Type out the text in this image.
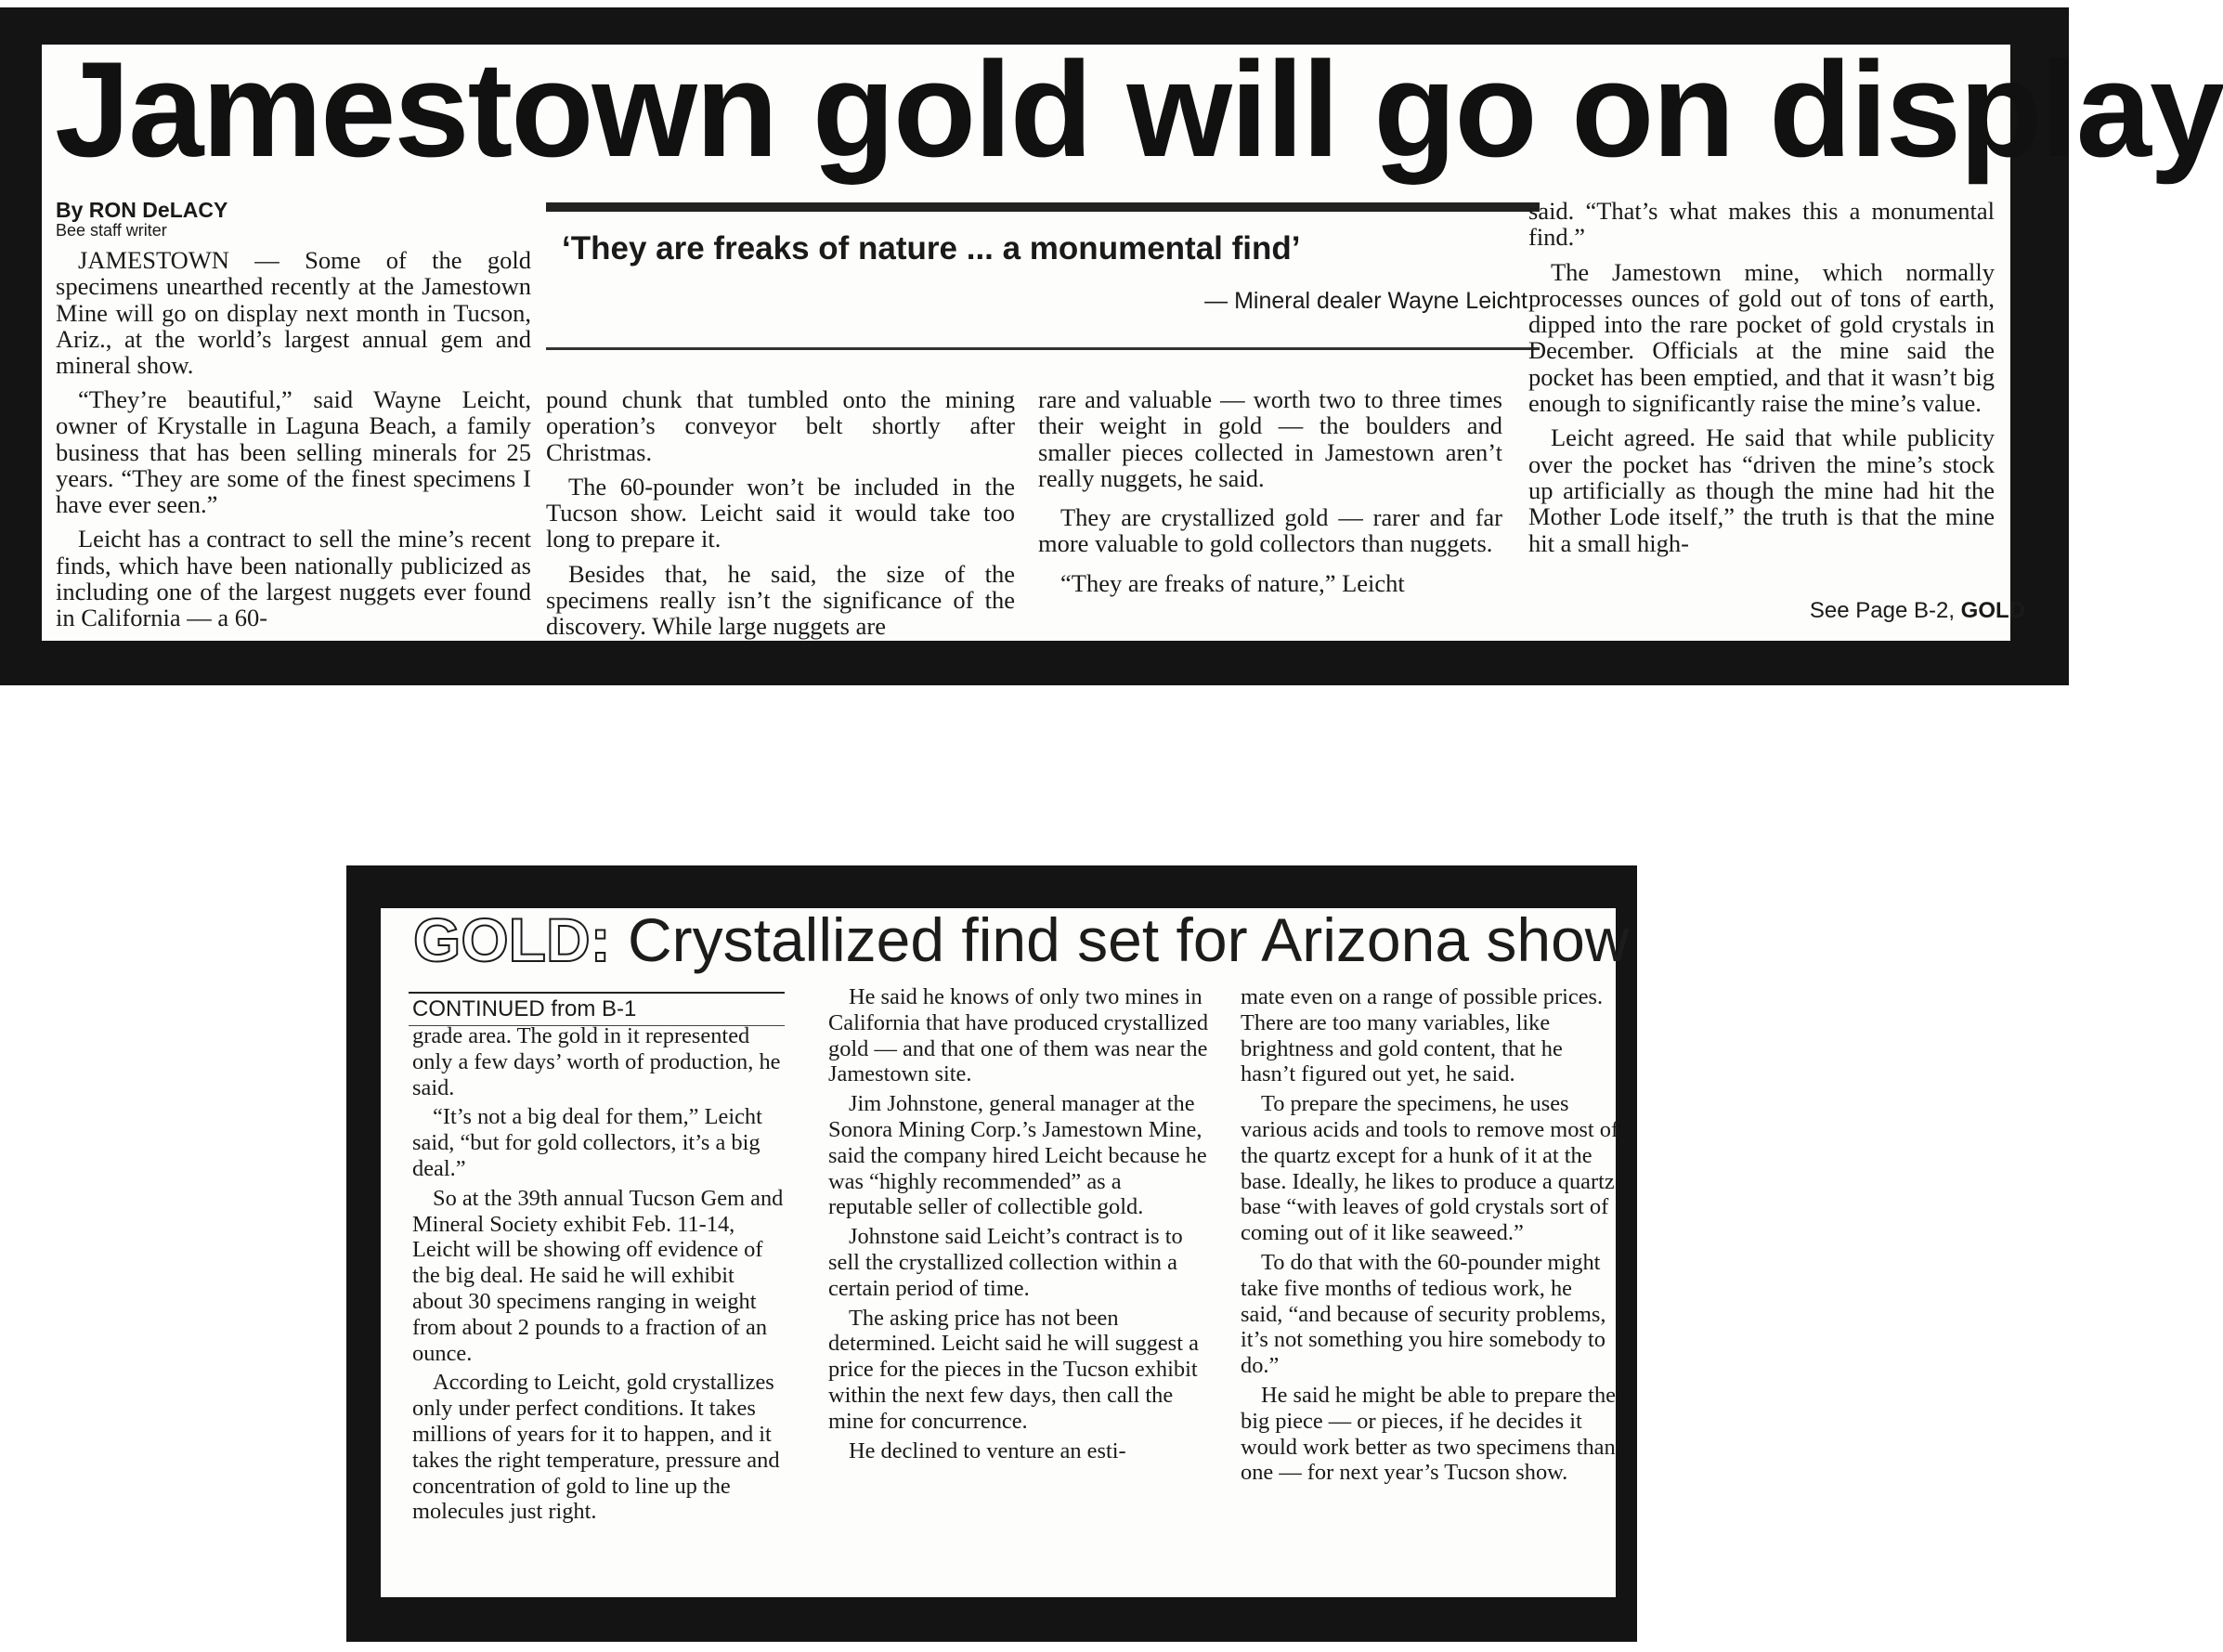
Jamestown gold will go on display
By RON DeLACY
Bee staff writer

JAMESTOWN — Some of the gold specimens unearthed recently at the Jamestown Mine will go on display next month in Tucson, Ariz., at the world’s largest annual gem and mineral show.

‘They are freaks of nature ... a monumental find’
— Mineral dealer Wayne Leicht

“They’re beautiful,” said Wayne Leicht, owner of Krystalle in Laguna Beach, a family business that has been selling minerals for 25 years. “They are some of the finest specimens I have ever seen.”

Leicht has a contract to sell the mine’s recent finds, which have been nationally publicized as including one of the largest nuggets ever found in California — a 60-

pound chunk that tumbled onto the mining operation’s conveyor belt shortly after Christmas.

The 60-pounder won’t be included in the Tucson show. Leicht said it would take too long to prepare it.

Besides that, he said, the size of the specimens really isn’t the significance of the discovery. While large nuggets are

rare and valuable — worth two to three times their weight in gold — the boulders and smaller pieces collected in Jamestown aren’t really nuggets, he said.

They are crystallized gold — rarer and far more valuable to gold collectors than nuggets.

“They are freaks of nature,” Leicht

said. “That’s what makes this a monumental find.”

The Jamestown mine, which normally processes ounces of gold out of tons of earth, dipped into the rare pocket of gold crystals in December. Officials at the mine said the pocket has been emptied, and that it wasn’t big enough to significantly raise the mine’s value.

Leicht agreed. He said that while publicity over the pocket has “driven the mine’s stock up artificially as though the mine had hit the Mother Lode itself,” the truth is that the mine hit a small high-

See Page B-2, GOLD
GOLD: Crystallized find set for Arizona show
CONTINUED from B-1

grade area. The gold in it represented only a few days’ worth of production, he said.

“It’s not a big deal for them,” Leicht said, “but for gold collectors, it’s a big deal.”

So at the 39th annual Tucson Gem and Mineral Society exhibit Feb. 11-14, Leicht will be showing off evidence of the big deal. He said he will exhibit about 30 specimens ranging in weight from about 2 pounds to a fraction of an ounce.

According to Leicht, gold crystallizes only under perfect conditions. It takes millions of years for it to happen, and it takes the right temperature, pressure and concentration of gold to line up the molecules just right.

He said he knows of only two mines in California that have produced crystallized gold — and that one of them was near the Jamestown site.

Jim Johnstone, general manager at the Sonora Mining Corp.’s Jamestown Mine, said the company hired Leicht because he was “highly recommended” as a reputable seller of collectible gold.

Johnstone said Leicht’s contract is to sell the crystallized collection within a certain period of time.

The asking price has not been determined. Leicht said he will suggest a price for the pieces in the Tucson exhibit within the next few days, then call the mine for concurrence.

He declined to venture an esti-

mate even on a range of possible prices. There are too many variables, like brightness and gold content, that he hasn’t figured out yet, he said.

To prepare the specimens, he uses various acids and tools to remove most of the quartz except for a hunk of it at the base. Ideally, he likes to produce a quartz base “with leaves of gold crystals sort of coming out of it like seaweed.”

To do that with the 60-pounder might take five months of tedious work, he said, “and because of security problems, it’s not something you hire somebody to do.”

He said he might be able to prepare the big piece — or pieces, if he decides it would work better as two specimens than one — for next year’s Tucson show.
